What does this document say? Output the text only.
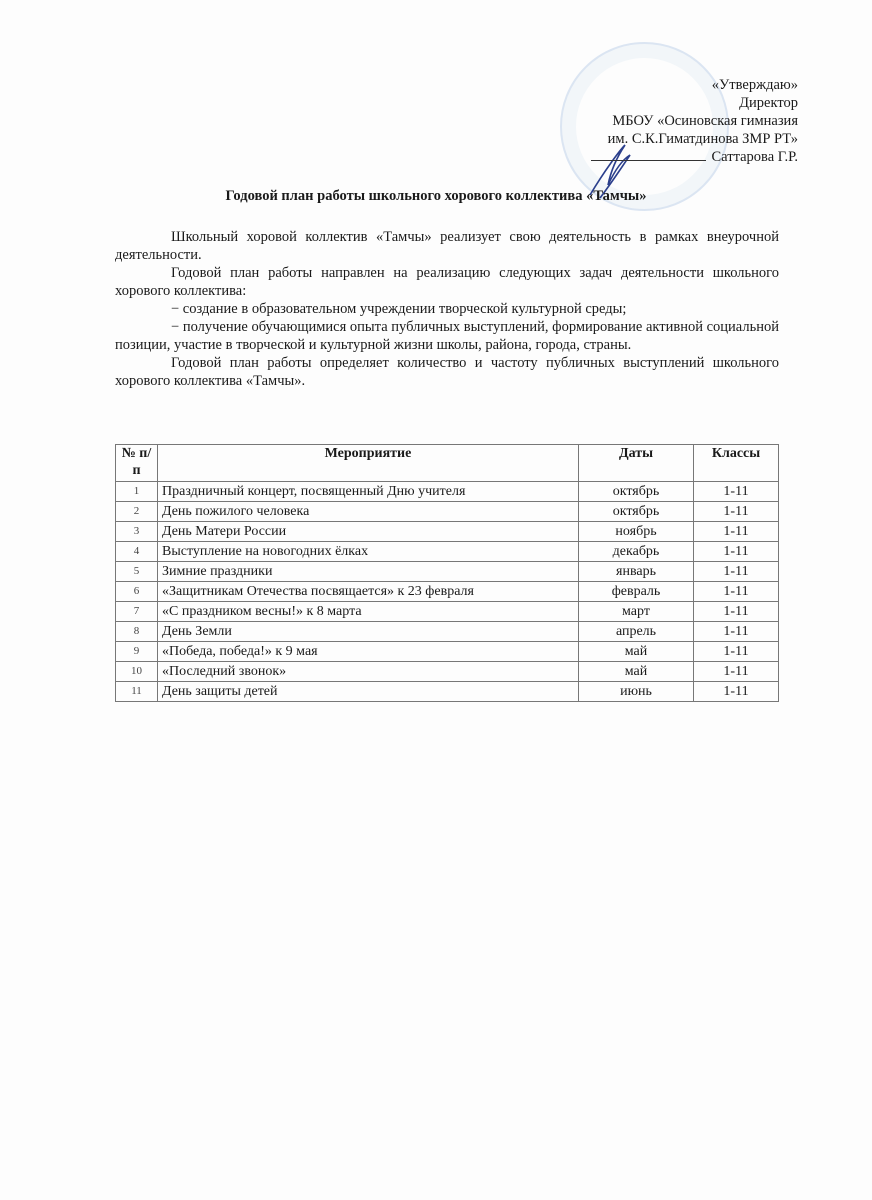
«Утверждаю»
Директор
МБОУ «Осиновская гимназия
им. С.К.Гиматдинова ЗМР РТ»
Саттарова Г.Р.
Годовой план работы школьного хорового коллектива «Тамчы»

Школьный хоровой коллектив «Тамчы» реализует свою деятельность в рамках внеурочной деятельности.

Годовой план работы направлен на реализацию следующих задач деятельности школьного хорового коллектива:

− создание в образовательном учреждении творческой культурной среды;

− получение обучающимися опыта публичных выступлений, формирование активной социальной позиции, участие в творческой и культурной жизни школы, района, города, страны.

Годовой план работы определяет количество и частоту публичных выступлений школьного хорового коллектива «Тамчы».

№ п/п	Мероприятие	Даты	Классы
1	Праздничный концерт, посвященный Дню учителя	октябрь	1-11
2	День пожилого человека	октябрь	1-11
3	День Матери России	ноябрь	1-11
4	Выступление на новогодних ёлках	декабрь	1-11
5	Зимние праздники	январь	1-11
6	«Защитникам Отечества посвящается» к 23 февраля	февраль	1-11
7	«С праздником весны!» к 8 марта	март	1-11
8	День Земли	апрель	1-11
9	«Победа, победа!» к 9 мая	май	1-11
10	«Последний звонок»	май	1-11
11	День защиты детей	июнь	1-11
